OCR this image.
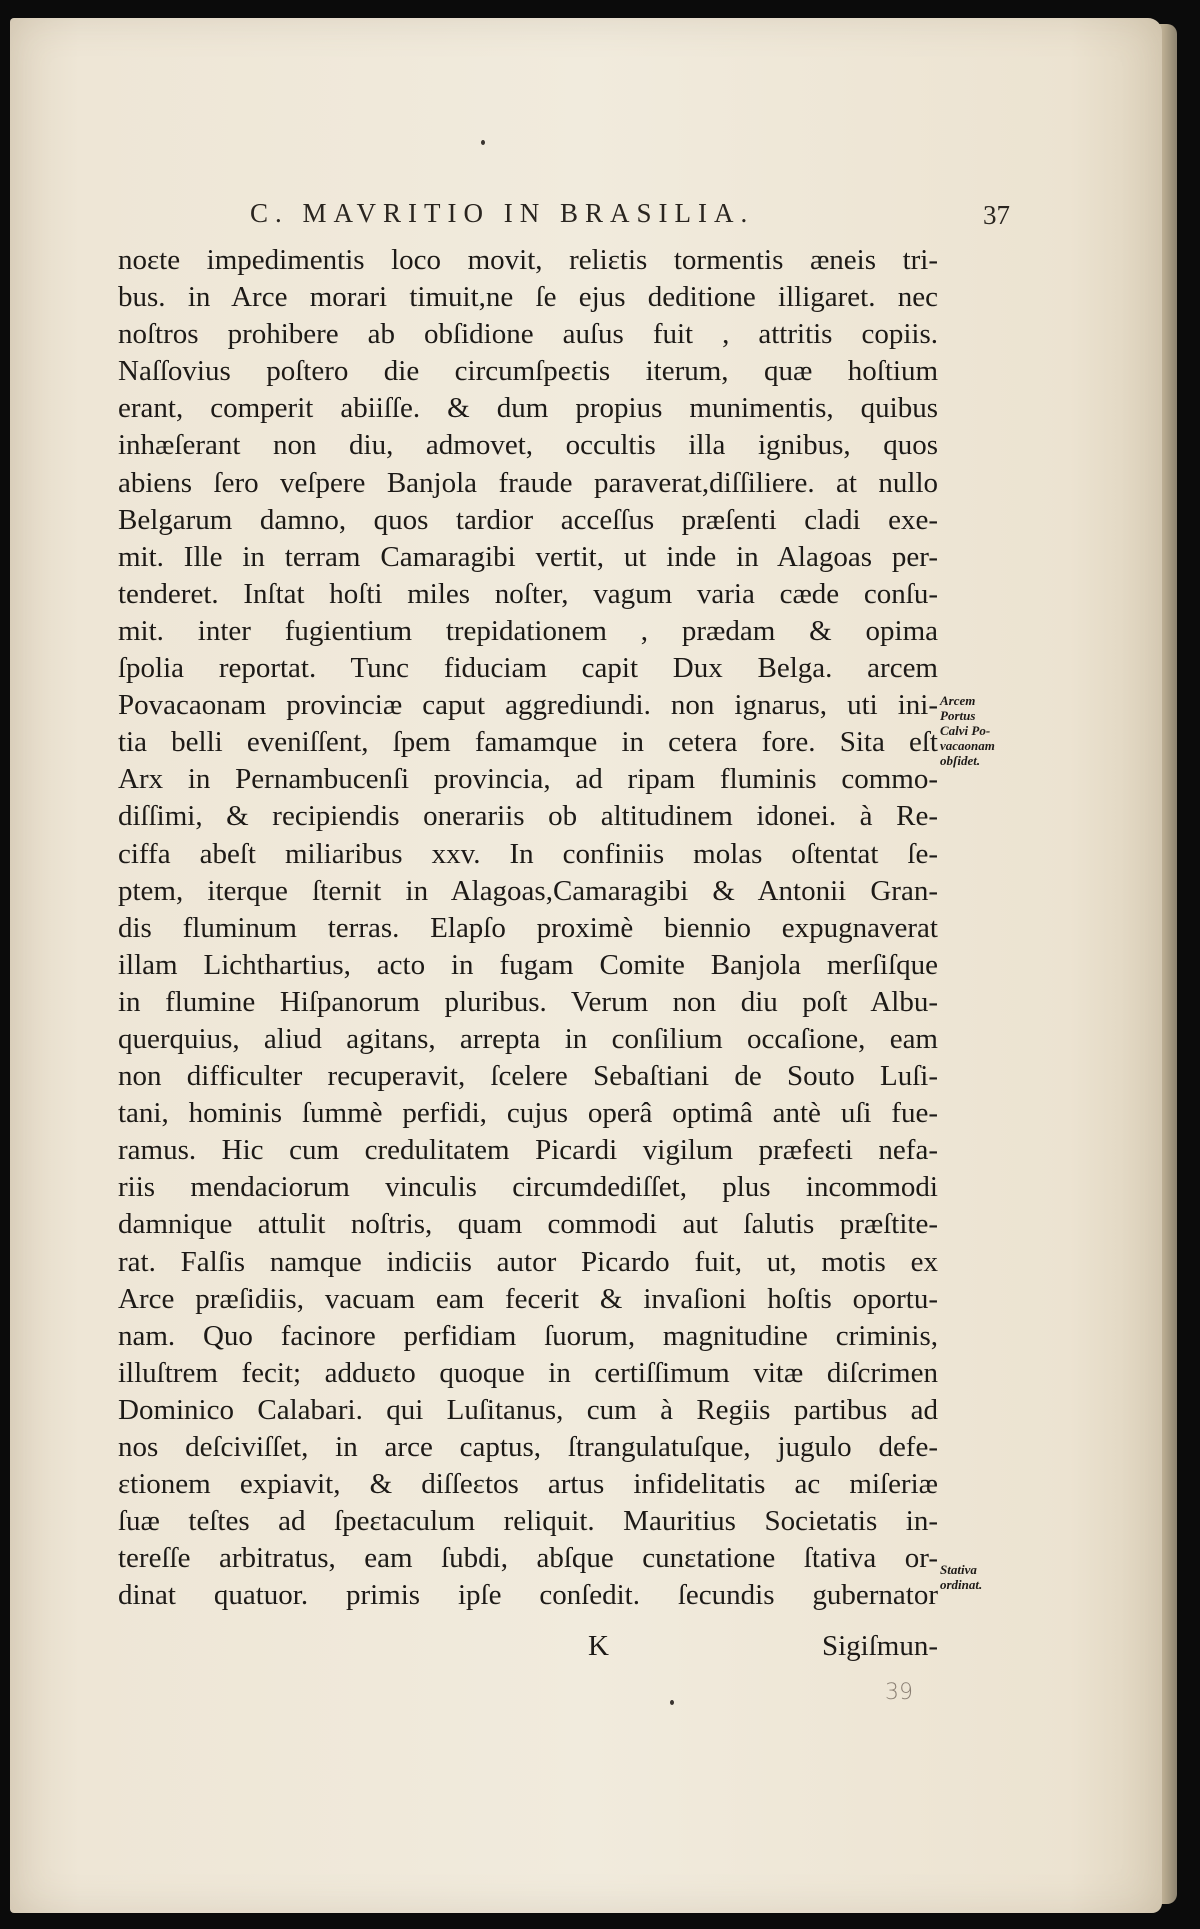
C. MAVRITIO IN BRASILIA.	37
noɛte impedimentis loco movit, reliɛtis tormentis æneis tri-
bus. in Arce morari timuit,ne ſe ejus deditione illigaret. nec
noſtros prohibere ab obſidione auſus fuit , attritis copiis.
Naſſovius poſtero die circumſpeɛtis iterum, quæ hoſtium
erant, comperit abiiſſe. & dum propius munimentis, quibus
inhæſerant non diu, admovet, occultis illa ignibus, quos
abiens ſero veſpere Banjola fraude paraverat,diſſiliere. at nullo
Belgarum damno, quos tardior acceſſus præſenti cladi exe-
mit. Ille in terram Camaragibi vertit, ut inde in Alagoas per-
tenderet. Inſtat hoſti miles noſter, vagum varia cæde conſu-
mit. inter fugientium trepidationem , prædam & opima
ſpolia reportat. Tunc fiduciam capit Dux Belga. arcem
Povacaonam provinciæ caput aggrediundi. non ignarus, uti ini-
tia belli eveniſſent, ſpem famamque in cetera fore. Sita eſt
Arx in Pernambucenſi provincia, ad ripam fluminis commo-
diſſimi, & recipiendis onerariis ob altitudinem idonei. à Re-
ciffa abeſt miliaribus xxv. In confiniis molas oſtentat ſe-
ptem, iterque ſternit in Alagoas,Camaragibi & Antonii Gran-
dis fluminum terras. Elapſo proximè biennio expugnaverat
illam Lichthartius, acto in fugam Comite Banjola merſiſque
in flumine Hiſpanorum pluribus. Verum non diu poſt Albu-
querquius, aliud agitans, arrepta in conſilium occaſione, eam
non difficulter recuperavit, ſcelere Sebaſtiani de Souto Luſi-
tani, hominis ſummè perfidi, cujus operâ optimâ antè uſi fue-
ramus. Hic cum credulitatem Picardi vigilum præfeɛti nefa-
riis mendaciorum vinculis circumdediſſet, plus incommodi
damnique attulit noſtris, quam commodi aut ſalutis præſtite-
rat. Falſis namque indiciis autor Picardo fuit, ut, motis ex
Arce præſidiis, vacuam eam fecerit & invaſioni hoſtis oportu-
nam. Quo facinore perfidiam ſuorum, magnitudine criminis,
illuſtrem fecit; adduɛto quoque in certiſſimum vitæ diſcrimen
Dominico Calabari. qui Luſitanus, cum à Regiis partibus ad
nos deſciviſſet, in arce captus, ſtrangulatuſque, jugulo defe-
ɛtionem expiavit, & diſſeɛtos artus infidelitatis ac miſeriæ
ſuæ teſtes ad ſpeɛtaculum reliquit. Mauritius Societatis in-
tereſſe arbitratus, eam ſubdi, abſque cunɛtatione ſtativa or-
dinat quatuor. primis ipſe conſedit. ſecundis gubernator
K	Sigiſmun-
Arcem
Portus
Calvi Po-
vacaonam
obſidet.
Stativa
ordinat.
39
